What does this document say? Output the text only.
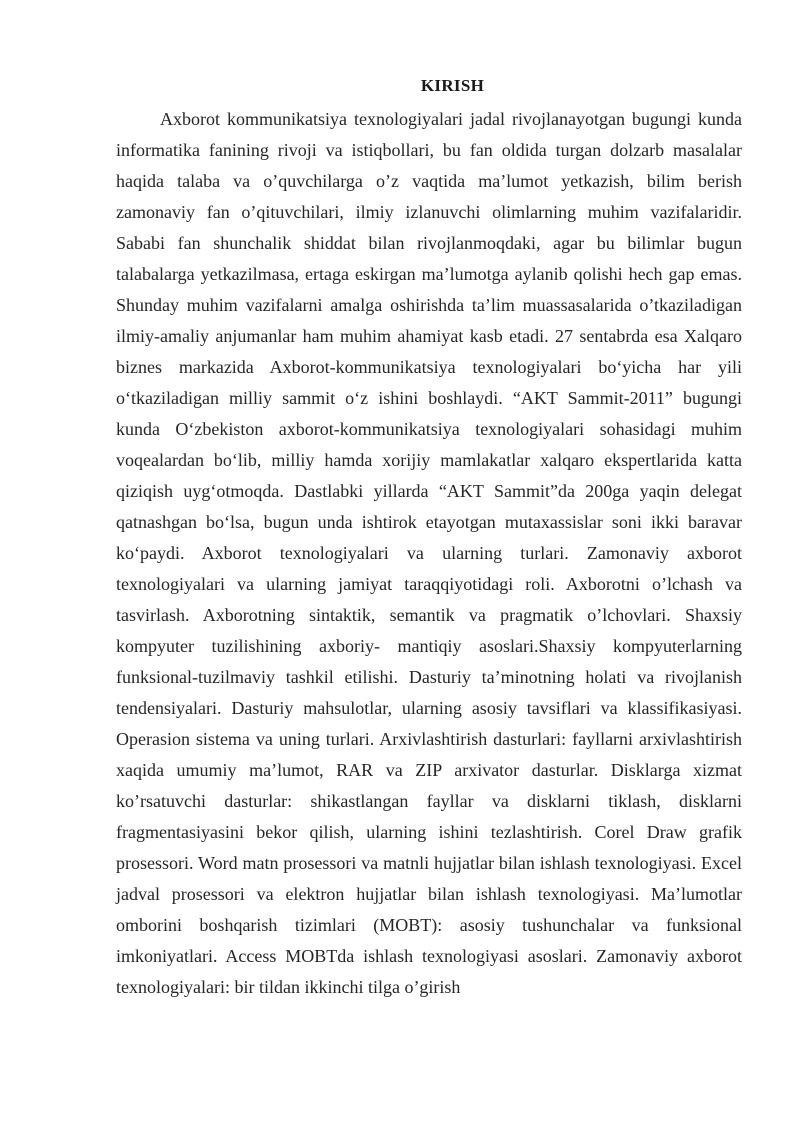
KIRISH

Axborot kommunikatsiya texnologiyalari jadal rivojlanayotgan bugungi kunda informatika fanining rivoji va istiqbollari, bu fan oldida turgan dolzarb masalalar haqida talaba va o’quvchilarga o’z vaqtida ma’lumot yetkazish, bilim berish zamonaviy fan o’qituvchilari, ilmiy izlanuvchi olimlarning muhim vazifalaridir. Sababi fan shunchalik shiddat bilan rivojlanmoqdaki, agar bu bilimlar bugun talabalarga yetkazilmasa, ertaga eskirgan ma’lumotga aylanib qolishi hech gap emas. Shunday muhim vazifalarni amalga oshirishda ta’lim muassasalarida o’tkaziladigan ilmiy-amaliy anjumanlar ham muhim ahamiyat kasb etadi. 27 sentabrda esa Xalqaro biznes markazida Axborot-kommunikatsiya texnologiyalari bo‘yicha har yili o‘tkaziladigan milliy sammit o‘z ishini boshlaydi. “AKT Sammit-2011” bugungi kunda O‘zbekiston axborot-kommunikatsiya texnologiyalari sohasidagi muhim voqealardan bo‘lib, milliy hamda xorijiy mamlakatlar xalqaro ekspertlarida katta qiziqish uyg‘otmoqda. Dastlabki yillarda “AKT Sammit”da 200ga yaqin delegat qatnashgan bo‘lsa, bugun unda ishtirok etayotgan mutaxassislar soni ikki baravar ko‘paydi. Axborot texnologiyalari va ularning turlari. Zamonaviy axborot texnologiyalari va ularning jamiyat taraqqiyotidagi roli. Axborotni o’lchash va tasvirlash. Axborotning sintaktik, semantik va pragmatik o’lchovlari. Shaxsiy kompyuter tuzilishining axboriy- mantiqiy asoslari.Shaxsiy kompyuterlarning funksional-tuzilmaviy tashkil etilishi. Dasturiy ta’minotning holati va rivojlanish tendensiyalari. Dasturiy mahsulotlar, ularning asosiy tavsiflari va klassifikasiyasi. Operasion sistema va uning turlari. Arxivlashtirish dasturlari: fayllarni arxivlashtirish xaqida umumiy ma’lumot, RAR va ZIP arxivator dasturlar. Disklarga xizmat ko’rsatuvchi dasturlar: shikastlangan fayllar va disklarni tiklash, disklarni fragmentasiyasini bekor qilish, ularning ishini tezlashtirish. Corel Draw grafik prosessori. Word matn prosessori va matnli hujjatlar bilan ishlash texnologiyasi. Excel jadval prosessori va elektron hujjatlar bilan ishlash texnologiyasi. Ma’lumotlar omborini boshqarish tizimlari (MOBT): asosiy tushunchalar va funksional imkoniyatlari. Access MOBTda ishlash texnologiyasi asoslari. Zamonaviy axborot texnologiyalari: bir tildan ikkinchi tilga o’girish
